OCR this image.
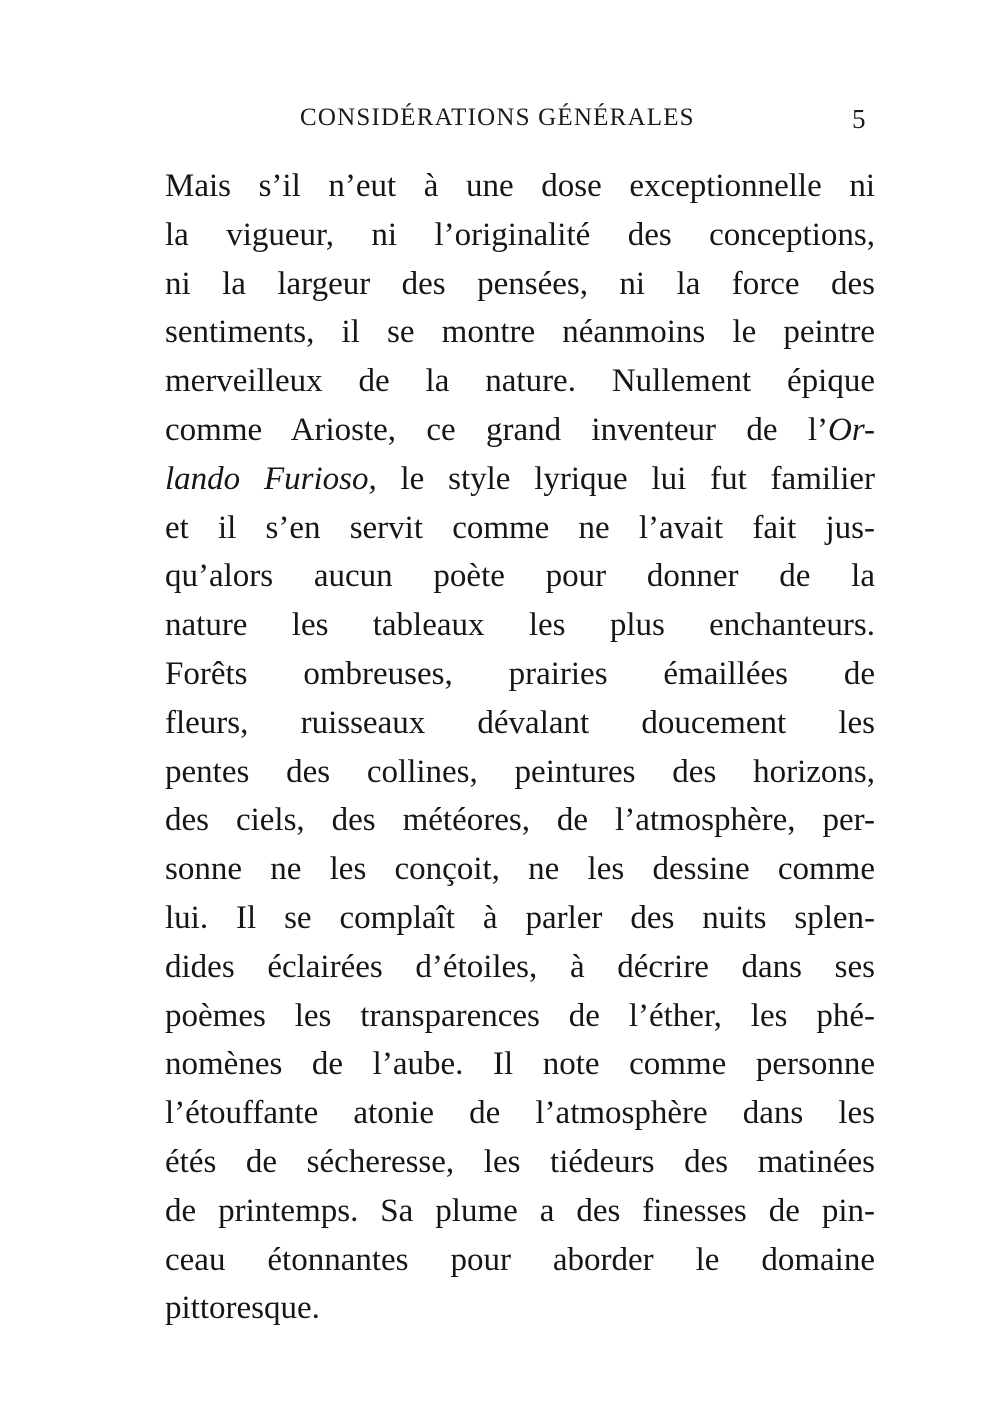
CONSIDÉRATIONS GÉNÉRALES	5
Mais s’il n’eut à une dose exceptionnelle ni
la vigueur, ni l’originalité des conceptions,
ni la largeur des pensées, ni la force des
sentiments, il se montre néanmoins le peintre
merveilleux de la nature. Nullement épique
comme Arioste, ce grand inventeur de l’Or-
lando Furioso, le style lyrique lui fut familier
et il s’en servit comme ne l’avait fait jus-
qu’alors aucun poète pour donner de la
nature les tableaux les plus enchanteurs.
Forêts ombreuses, prairies émaillées de
fleurs, ruisseaux dévalant doucement les
pentes des collines, peintures des horizons,
des ciels, des météores, de l’atmosphère, per-
sonne ne les conçoit, ne les dessine comme
lui. Il se complaît à parler des nuits splen-
dides éclairées d’étoiles, à décrire dans ses
poèmes les transparences de l’éther, les phé-
nomènes de l’aube. Il note comme personne
l’étouffante atonie de l’atmosphère dans les
étés de sécheresse, les tiédeurs des matinées
de printemps. Sa plume a des finesses de pin-
ceau étonnantes pour aborder le domaine
pittoresque.
